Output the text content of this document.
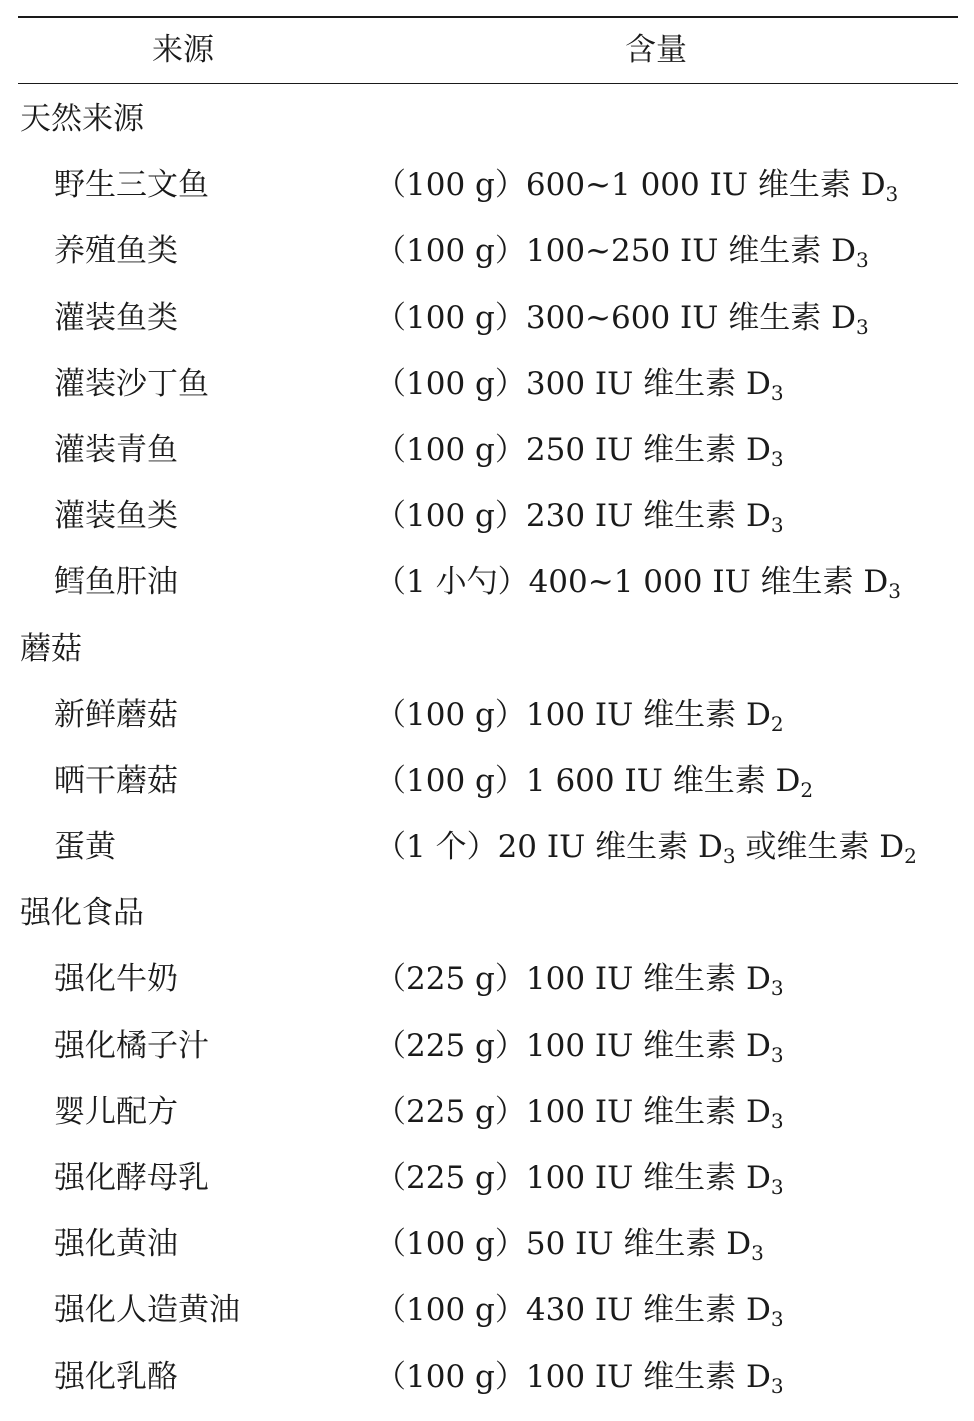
来源	含量
天然来源
野生三文鱼	（100 g）600~1 000 IU 维生素 $D_3$
养殖鱼类	（100 g）100~250 IU 维生素 $D_3$
灌装鱼类	（100 g）300~600 IU 维生素 $D_3$
灌装沙丁鱼	（100 g）300 IU 维生素 $D_3$
灌装青鱼	（100 g）250 IU 维生素 $D_3$
灌装鱼类	（100 g）230 IU 维生素 $D_3$
鳕鱼肝油	（1 小勺）400~1 000 IU 维生素 $D_3$
蘑菇
新鲜蘑菇	（100 g）100 IU 维生素 $D_2$
晒干蘑菇	（100 g）1 600 IU 维生素 $D_2$
蛋黄	（1 个）20 IU 维生素 $D_3$ 或维生素 $D_2$
强化食品
强化牛奶	（225 g）100 IU 维生素 $D_3$
强化橘子汁	（225 g）100 IU 维生素 $D_3$
婴儿配方	（225 g）100 IU 维生素 $D_3$
强化酵母乳	（225 g）100 IU 维生素 $D_3$
强化黄油	（100 g）50 IU 维生素 $D_3$
强化人造黄油	（100 g）430 IU 维生素 $D_3$
强化乳酪	（100 g）100 IU 维生素 $D_3$
